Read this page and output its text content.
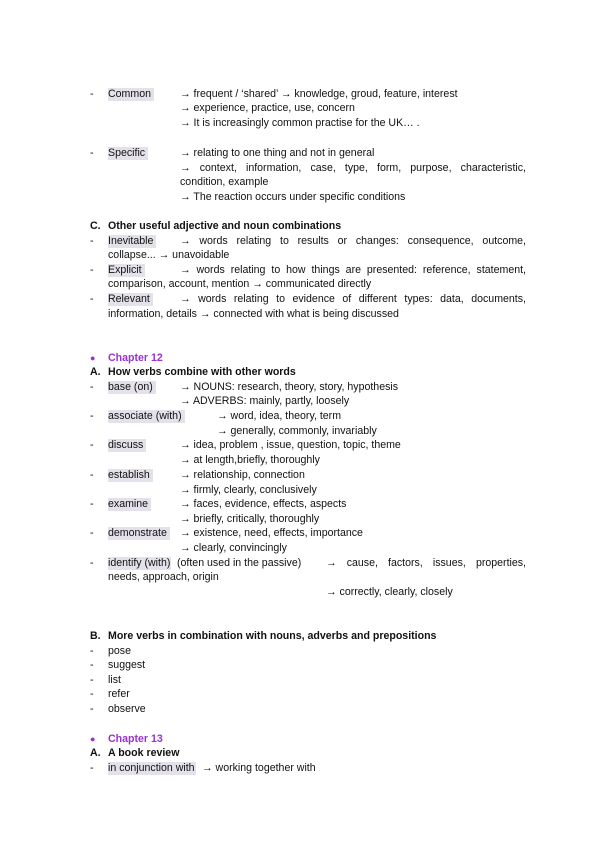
- Common	→ frequent / ‘shared’ → knowledge, groud, feature, interest
→ experience, practice, use, concern
→ It is increasingly common practise for the UK… .
- Specific	→ relating to one thing and not in general
→ context, information, case, type, form, purpose, characteristic,
condition, example
→ The reaction occurs under specific conditions
C. Other useful adjective and noun combinations
- Inevitable	→ words relating to results or changes: consequence, outcome,
collapse... → unavoidable
- Explicit	→ words relating to how things are presented: reference, statement,
comparison, account, mention → communicated directly
- Relevant	→ words relating to evidence of different types: data, documents,
information, details → connected with what is being discussed
● Chapter 12
A. How verbs combine with other words
- base (on)	→ NOUNS: research, theory, story, hypothesis
→ ADVERBS: mainly, partly, loosely
- associate (with)	→ word, idea, theory, term
→ generally, commonly, invariably
- discuss	→ idea, problem , issue, question, topic, theme
→ at length,briefly, thoroughly
- establish	→ relationship, connection
→ firmly, clearly, conclusively
- examine	→ faces, evidence, effects, aspects
→ briefly, critically, thoroughly
- demonstrate → existence, need, effects, importance
→ clearly, convincingly
- identify (with) (often used in the passive) → cause, factors, issues, properties,
needs, approach, origin
→ correctly, clearly, closely
B. More verbs in combination with nouns, adverbs and prepositions
- pose
- suggest
- list
- refer
- observe
● Chapter 13
A. A book review
- in conjunction with → working together with
